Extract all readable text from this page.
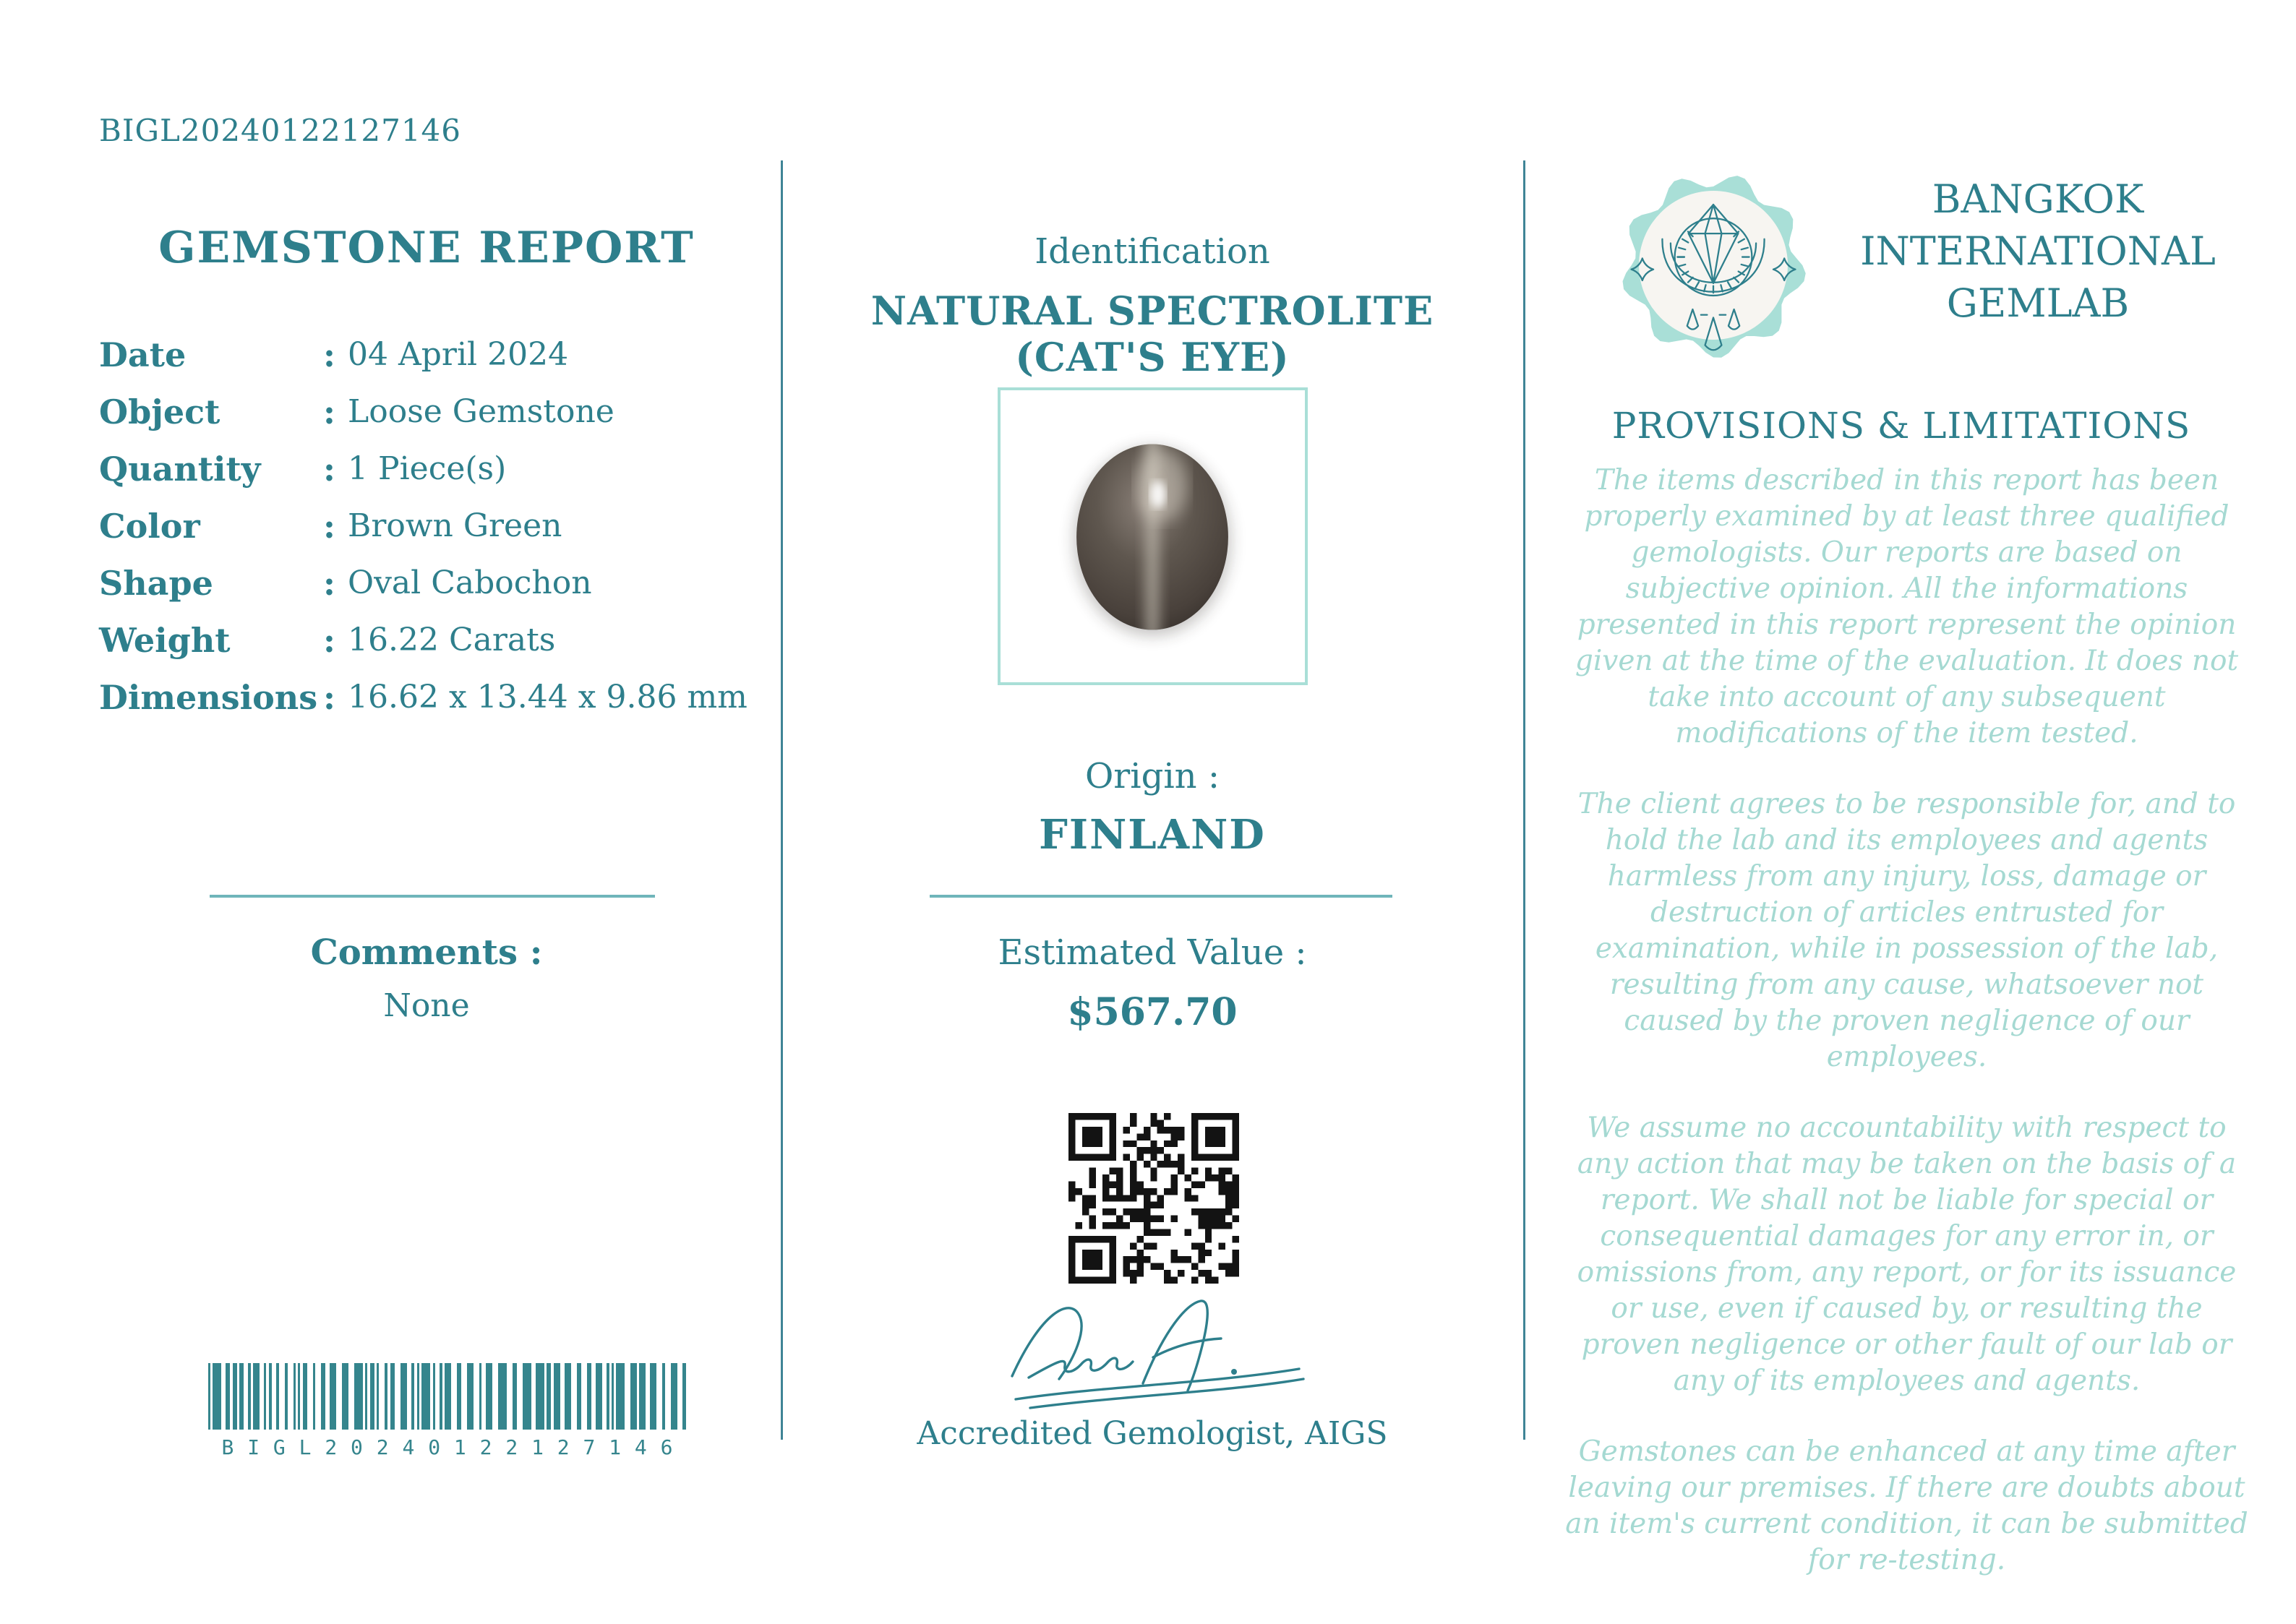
BIGL20240122127146
GEMSTONE REPORT
Date	: 04 April 2024
Object	: Loose Gemstone
Quantity	: 1 Piece(s)
Color	: Brown Green
Shape	: Oval Cabochon
Weight	: 16.22 Carats
Dimensions : 16.62 x 13.44 x 9.86 mm
Comments :
None
B I G L 2 0 2 4 0 1 2 2 1 2 7 1 4 6
Identification
NATURAL SPECTROLITE
(CAT'S EYE)
Origin :
FINLAND
Estimated Value :
$567.70
Accredited Gemologist, AIGS
BANGKOK
INTERNATIONAL
GEMLAB
PROVISIONS & LIMITATIONS

The items described in this report has been properly examined by at least three qualified gemologists. Our reports are based on subjective opinion. All the informations presented in this report represent the opinion given at the time of the evaluation. It does not take into account of any subsequent modifications of the item tested.

The client agrees to be responsible for, and to hold the lab and its employees and agents harmless from any injury, loss, damage or destruction of articles entrusted for examination, while in possession of the lab, resulting from any cause, whatsoever not caused by the proven negligence of our employees.

We assume no accountability with respect to any action that may be taken on the basis of a report. We shall not be liable for special or consequential damages for any error in, or omissions from, any report, or for its issuance or use, even if caused by, or resulting the proven negligence or other fault of our lab or any of its employees and agents.

Gemstones can be enhanced at any time after leaving our premises. If there are doubts about an item's current condition, it can be submitted for re-testing.
